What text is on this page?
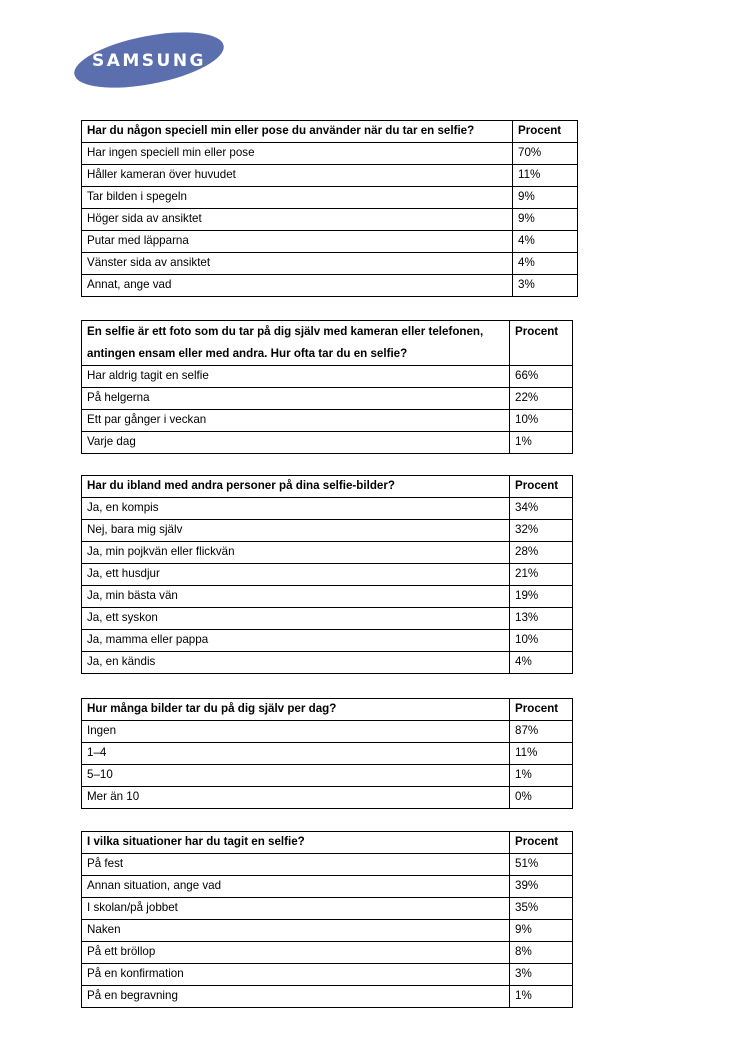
SAMSUNG
Har du någon speciell min eller pose du använder när du tar en selfie?	Procent
Har ingen speciell min eller pose	70%
Håller kameran över huvudet	11%
Tar bilden i spegeln	9%
Höger sida av ansiktet	9%
Putar med läpparna	4%
Vänster sida av ansiktet	4%
Annat, ange vad	3%
En selfie är ett foto som du tar på dig själv med kameran eller telefonen, antingen ensam eller med andra. Hur ofta tar du en selfie?	Procent
Har aldrig tagit en selfie	66%
På helgerna	22%
Ett par gånger i veckan	10%
Varje dag	1%
Har du ibland med andra personer på dina selfie-bilder?	Procent
Ja, en kompis	34%
Nej, bara mig själv	32%
Ja, min pojkvän eller flickvän	28%
Ja, ett husdjur	21%
Ja, min bästa vän	19%
Ja, ett syskon	13%
Ja, mamma eller pappa	10%
Ja, en kändis	4%
Hur många bilder tar du på dig själv per dag?	Procent
Ingen	87%
1–4	11%
5–10	1%
Mer än 10	0%
I vilka situationer har du tagit en selfie?	Procent
På fest	51%
Annan situation, ange vad	39%
I skolan/på jobbet	35%
Naken	9%
På ett bröllop	8%
På en konfirmation	3%
På en begravning	1%
